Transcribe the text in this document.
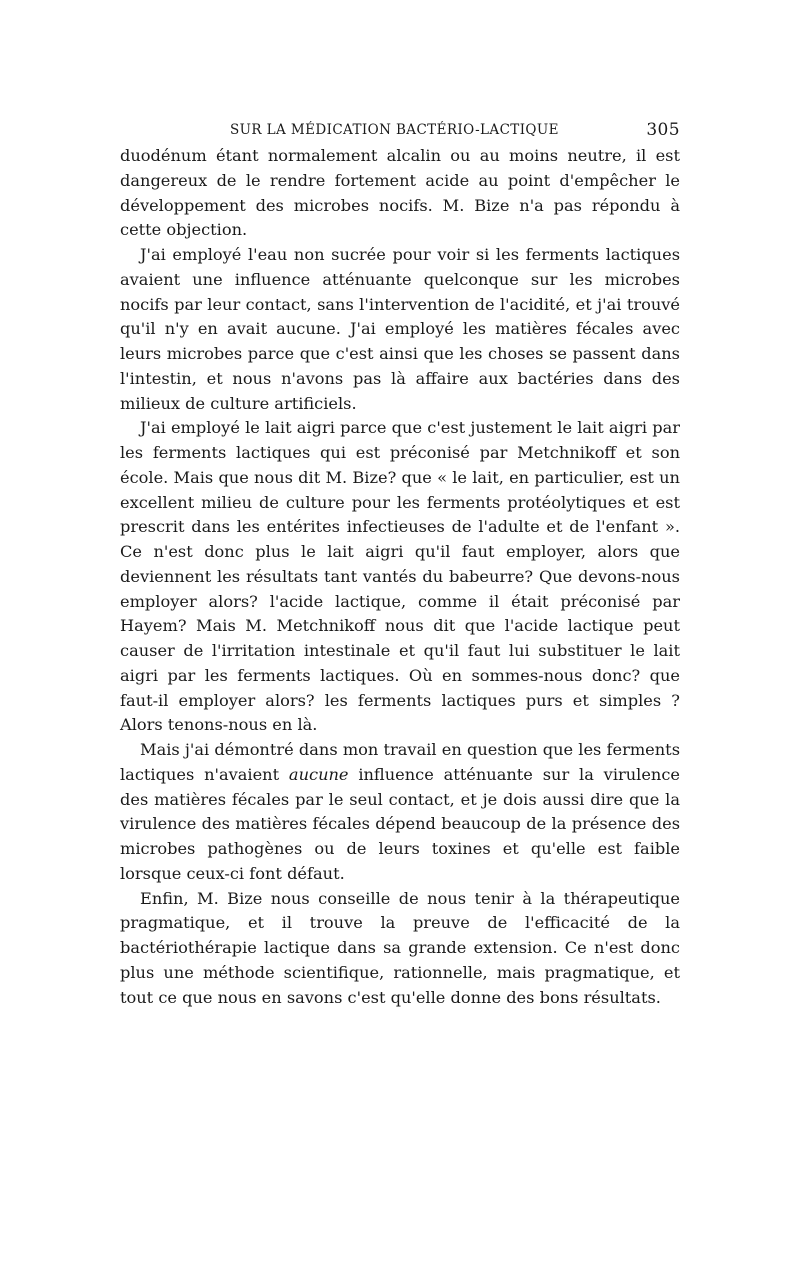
SUR LA MÉDICATION BACTÉRIO-LACTIQUE	305

duodénum étant normalement alcalin ou au moins neutre, il est dangereux de le rendre fortement acide au point d'empêcher le développement des microbes nocifs. M. Bize n'a pas répondu à cette objection.

J'ai employé l'eau non sucrée pour voir si les ferments lactiques avaient une influence atténuante quelconque sur les microbes nocifs par leur contact, sans l'intervention de l'acidité, et j'ai trouvé qu'il n'y en avait aucune. J'ai employé les matières fécales avec leurs microbes parce que c'est ainsi que les choses se passent dans l'intestin, et nous n'avons pas là affaire aux bactéries dans des milieux de culture artificiels.

J'ai employé le lait aigri parce que c'est justement le lait aigri par les ferments lactiques qui est préconisé par Metchnikoff et son école. Mais que nous dit M. Bize? que « le lait, en particulier, est un excellent milieu de culture pour les ferments protéolytiques et est prescrit dans les entérites infectieuses de l'adulte et de l'enfant ». Ce n'est donc plus le lait aigri qu'il faut employer, alors que deviennent les résultats tant vantés du babeurre? Que devons-nous employer alors? l'acide lactique, comme il était préconisé par Hayem? Mais M. Metchnikoff nous dit que l'acide lactique peut causer de l'irritation intestinale et qu'il faut lui substituer le lait aigri par les ferments lactiques. Où en sommes-nous donc? que faut-il employer alors? les ferments lactiques purs et simples ? Alors tenons-nous en là.

Mais j'ai démontré dans mon travail en question que les ferments lactiques n'avaient aucune influence atténuante sur la virulence des matières fécales par le seul contact, et je dois aussi dire que la virulence des matières fécales dépend beaucoup de la présence des microbes pathogènes ou de leurs toxines et qu'elle est faible lorsque ceux-ci font défaut.

Enfin, M. Bize nous conseille de nous tenir à la thérapeutique pragmatique, et il trouve la preuve de l'efficacité de la bactériothérapie lactique dans sa grande extension. Ce n'est donc plus une méthode scientifique, rationnelle, mais pragmatique, et tout ce que nous en savons c'est qu'elle donne des bons résultats.
